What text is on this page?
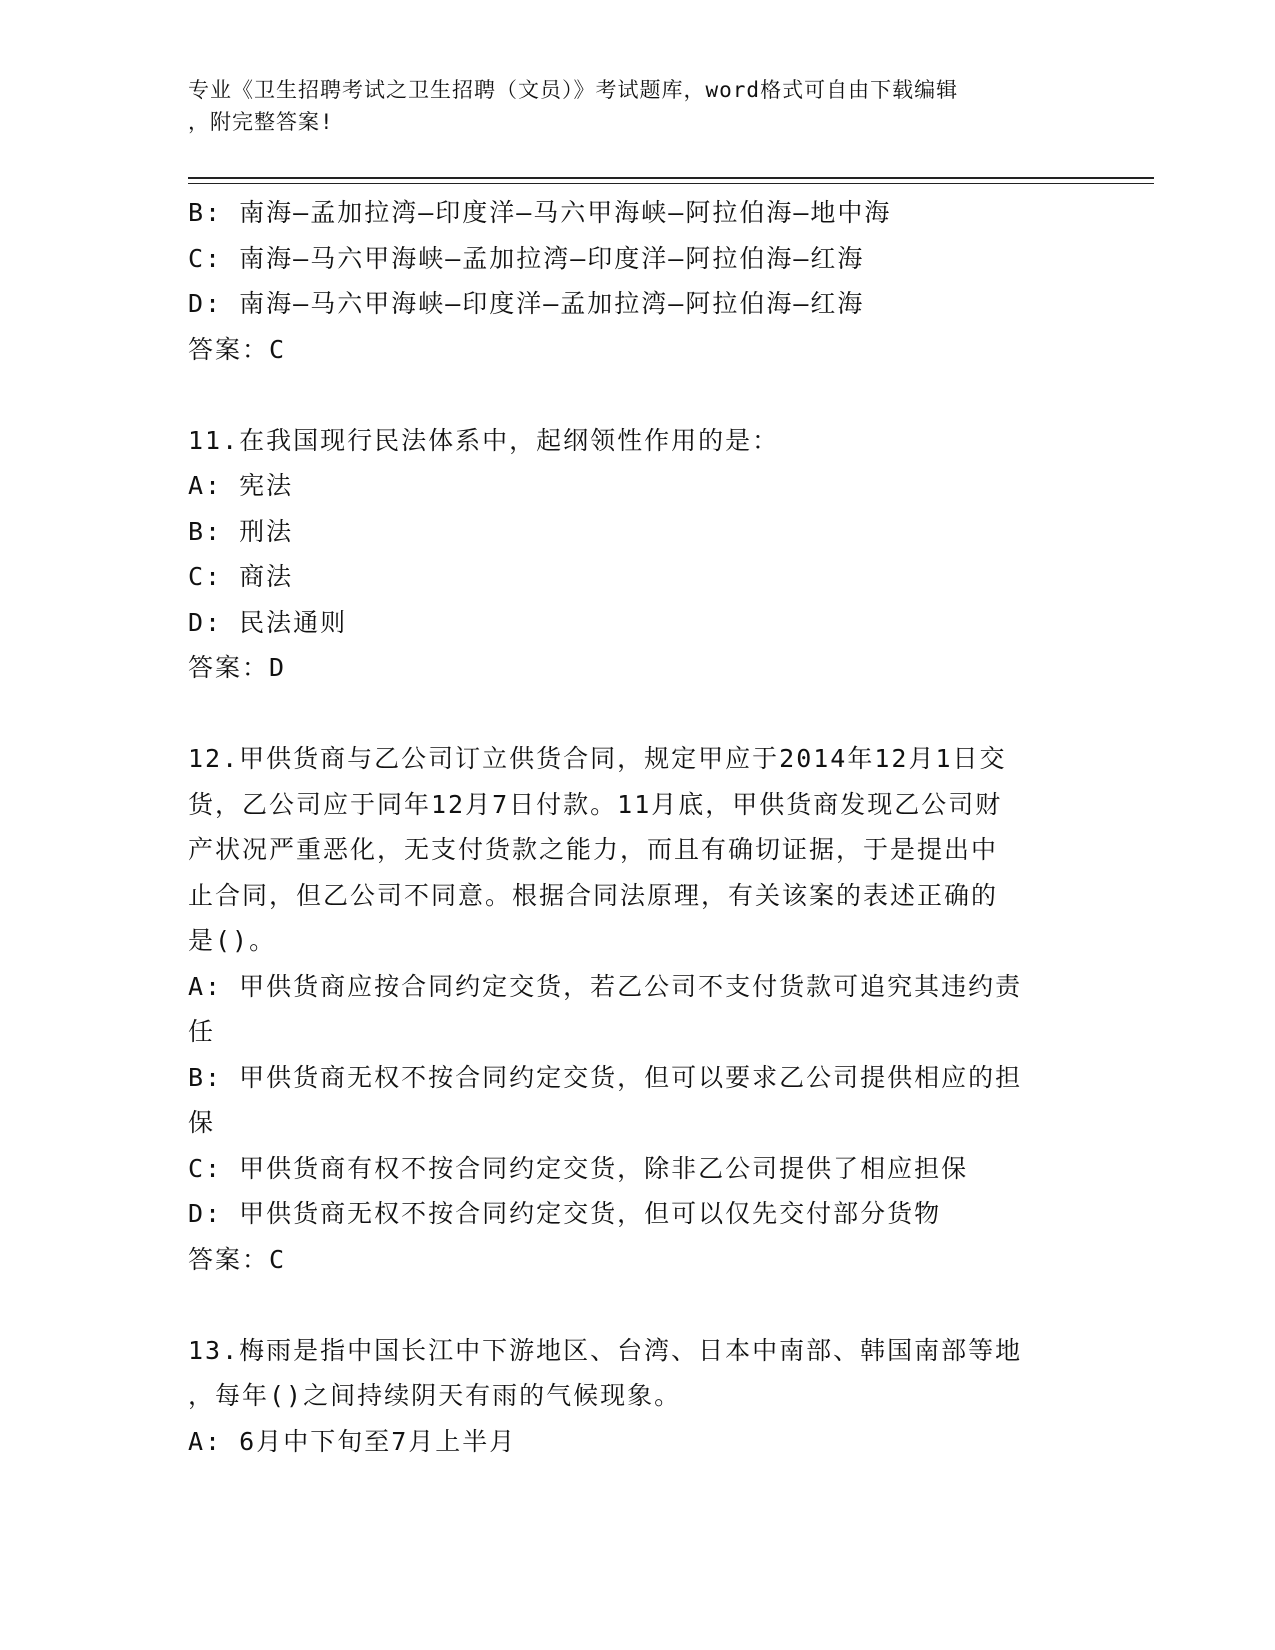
专业《卫生招聘考试之卫生招聘（文员）》考试题库，word格式可自由下载编辑
，附完整答案!
B: 南海—孟加拉湾—印度洋—马六甲海峡—阿拉伯海—地中海
C: 南海—马六甲海峡—孟加拉湾—印度洋—阿拉伯海—红海
D: 南海—马六甲海峡—印度洋—孟加拉湾—阿拉伯海—红海
答案：C
11.在我国现行民法体系中，起纲领性作用的是：
A: 宪法
B: 刑法
C: 商法
D: 民法通则
答案：D
12.甲供货商与乙公司订立供货合同，规定甲应于2014年12月1日交
货，乙公司应于同年12月7日付款。11月底，甲供货商发现乙公司财
产状况严重恶化，无支付货款之能力，而且有确切证据，于是提出中
止合同，但乙公司不同意。根据合同法原理，有关该案的表述正确的
是()。
A: 甲供货商应按合同约定交货，若乙公司不支付货款可追究其违约责
任
B: 甲供货商无权不按合同约定交货，但可以要求乙公司提供相应的担
保
C: 甲供货商有权不按合同约定交货，除非乙公司提供了相应担保
D: 甲供货商无权不按合同约定交货，但可以仅先交付部分货物
答案：C
13.梅雨是指中国长江中下游地区、台湾、日本中南部、韩国南部等地
，每年()之间持续阴天有雨的气候现象。
A: 6月中下旬至7月上半月
